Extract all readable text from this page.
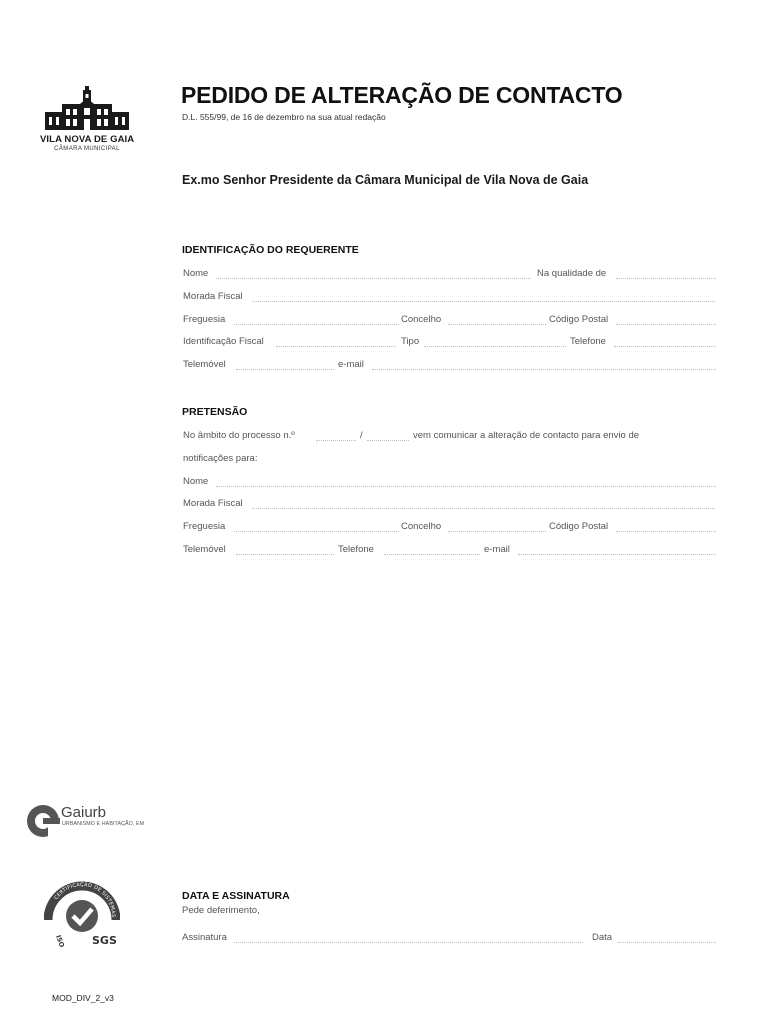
VILA NOVA DE GAIA
CÂMARA MUNICIPAL
PEDIDO DE ALTERAÇÃO DE CONTACTO
D.L. 555/99, de 16 de dezembro na sua atual redação
Ex.mo Senhor Presidente da Câmara Municipal de Vila Nova de Gaia
IDENTIFICAÇÃO DO REQUERENTE
Nome	Na qualidade de
Morada Fiscal
Freguesia	Concelho	Código Postal
Identificação Fiscal	Tipo	Telefone
Telemóvel	e-mail
PRETENSÃO
No âmbito do processo n.º	/	vem comunicar a alteração de contacto para envio de
notificações para:
Nome
Morada Fiscal
Freguesia	Concelho	Código Postal
Telemóvel	Telefone	e-mail
Gaiurb
URBANISMO E HABITAÇÃO, EM
CERTIFICAÇÃO DE SISTEMAS
SGS
DATA E ASSINATURA
Pede deferimento,
Assinatura	Data
MOD_DIV_2_v3
